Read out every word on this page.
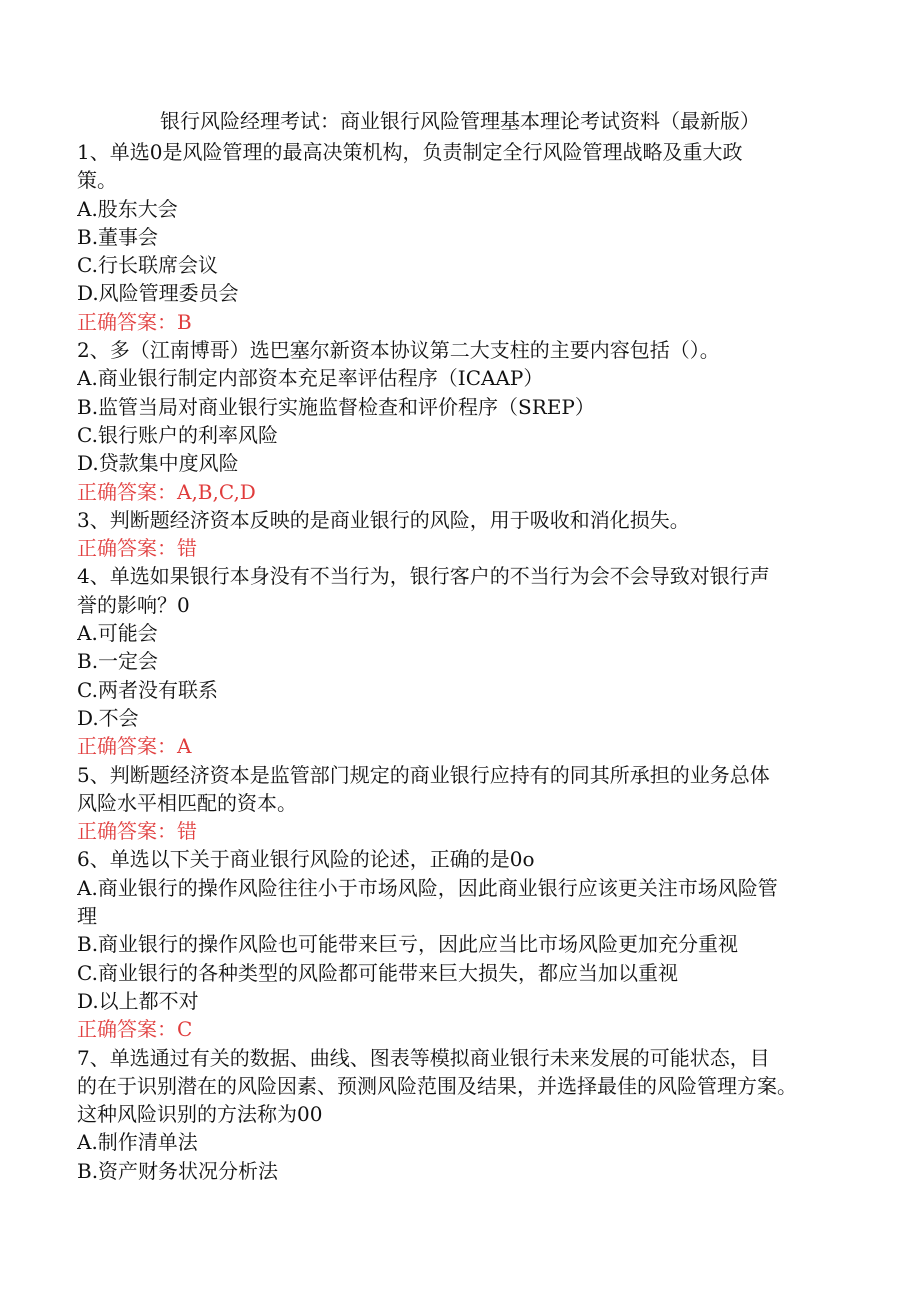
银行风险经理考试：商业银行风险管理基本理论考试资料（最新版）
1、单选0是风险管理的最高决策机构，负责制定全行风险管理战略及重大政
策。
A.股东大会
B.董事会
C.行长联席会议
D.风险管理委员会
正确答案：B
2、多（江南博哥）选巴塞尔新资本协议第二大支柱的主要内容包括（）。
A.商业银行制定内部资本充足率评估程序（ICAAP）
B.监管当局对商业银行实施监督检查和评价程序（SREP）
C.银行账户的利率风险
D.贷款集中度风险
正确答案：A,B,C,D
3、判断题经济资本反映的是商业银行的风险，用于吸收和消化损失。
正确答案：错
4、单选如果银行本身没有不当行为，银行客户的不当行为会不会导致对银行声
誉的影响？0
A.可能会
B.一定会
C.两者没有联系
D.不会
正确答案：A
5、判断题经济资本是监管部门规定的商业银行应持有的同其所承担的业务总体
风险水平相匹配的资本。
正确答案：错
6、单选以下关于商业银行风险的论述，正确的是0o
A.商业银行的操作风险往往小于市场风险，因此商业银行应该更关注市场风险管
理
B.商业银行的操作风险也可能带来巨亏，因此应当比市场风险更加充分重视
C.商业银行的各种类型的风险都可能带来巨大损失，都应当加以重视
D.以上都不对
正确答案：C
7、单选通过有关的数据、曲线、图表等模拟商业银行未来发展的可能状态，目
的在于识别潜在的风险因素、预测风险范围及结果，并选择最佳的风险管理方案。
这种风险识别的方法称为00
A.制作清单法
B.资产财务状况分析法
